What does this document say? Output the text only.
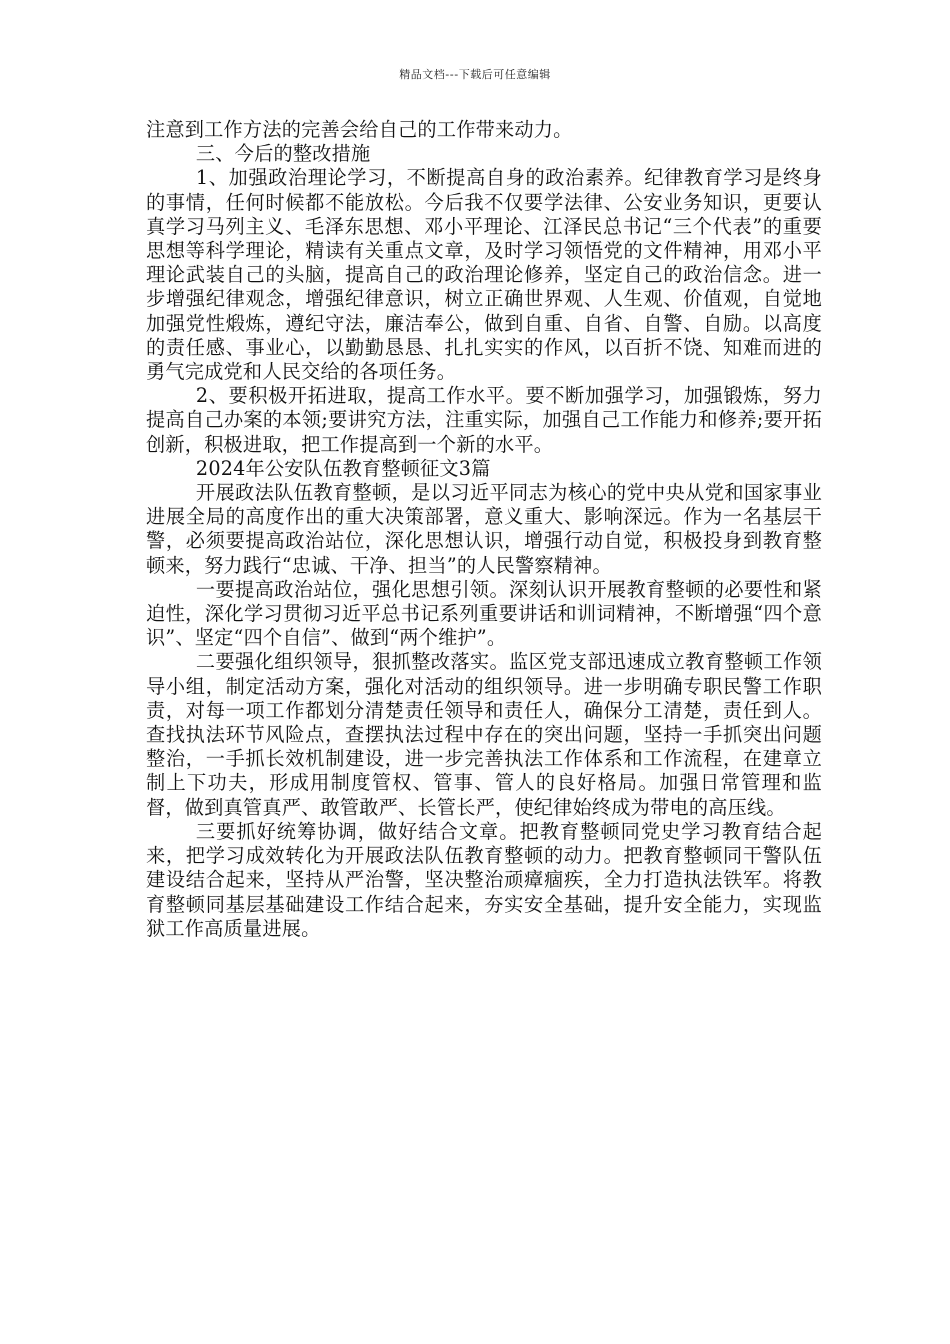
精品文档---下载后可任意编辑

注意到工作方法的完善会给自己的工作带来动力。

三、今后的整改措施

1、加强政治理论学习，不断提高自身的政治素养。纪律教育学习是终身的事情，任何时候都不能放松。今后我不仅要学法律、公安业务知识，更要认真学习马列主义、毛泽东思想、邓小平理论、江泽民总书记“三个代表”的重要思想等科学理论，精读有关重点文章，及时学习领悟党的文件精神，用邓小平理论武装自己的头脑，提高自己的政治理论修养，坚定自己的政治信念。进一步增强纪律观念，增强纪律意识，树立正确世界观、人生观、价值观，自觉地加强党性煅炼，遵纪守法，廉洁奉公，做到自重、自省、自警、自励。以高度的责任感、事业心，以勤勤恳恳、扎扎实实的作风，以百折不饶、知难而进的勇气完成党和人民交给的各项任务。

2、要积极开拓进取，提高工作水平。要不断加强学习，加强锻炼，努力提高自己办案的本领;要讲究方法，注重实际，加强自己工作能力和修养;要开拓创新，积极进取，把工作提高到一个新的水平。

2024年公安队伍教育整顿征文3篇

开展政法队伍教育整顿，是以习近平同志为核心的党中央从党和国家事业进展全局的高度作出的重大决策部署，意义重大、影响深远。作为一名基层干警，必须要提高政治站位，深化思想认识，增强行动自觉，积极投身到教育整顿来，努力践行“忠诚、干净、担当”的人民警察精神。

一要提高政治站位，强化思想引领。深刻认识开展教育整顿的必要性和紧迫性，深化学习贯彻习近平总书记系列重要讲话和训词精神，不断增强“四个意识”、坚定“四个自信”、做到“两个维护”。

二要强化组织领导，狠抓整改落实。监区党支部迅速成立教育整顿工作领导小组，制定活动方案，强化对活动的组织领导。进一步明确专职民警工作职责，对每一项工作都划分清楚责任领导和责任人，确保分工清楚，责任到人。查找执法环节风险点，查摆执法过程中存在的突出问题，坚持一手抓突出问题整治，一手抓长效机制建设，进一步完善执法工作体系和工作流程，在建章立制上下功夫，形成用制度管权、管事、管人的良好格局。加强日常管理和监督，做到真管真严、敢管敢严、长管长严，使纪律始终成为带电的高压线。

三要抓好统筹协调，做好结合文章。把教育整顿同党史学习教育结合起来，把学习成效转化为开展政法队伍教育整顿的动力。把教育整顿同干警队伍建设结合起来，坚持从严治警，坚决整治顽瘴痼疾，全力打造执法铁军。将教育整顿同基层基础建设工作结合起来，夯实安全基础，提升安全能力，实现监狱工作高质量进展。
